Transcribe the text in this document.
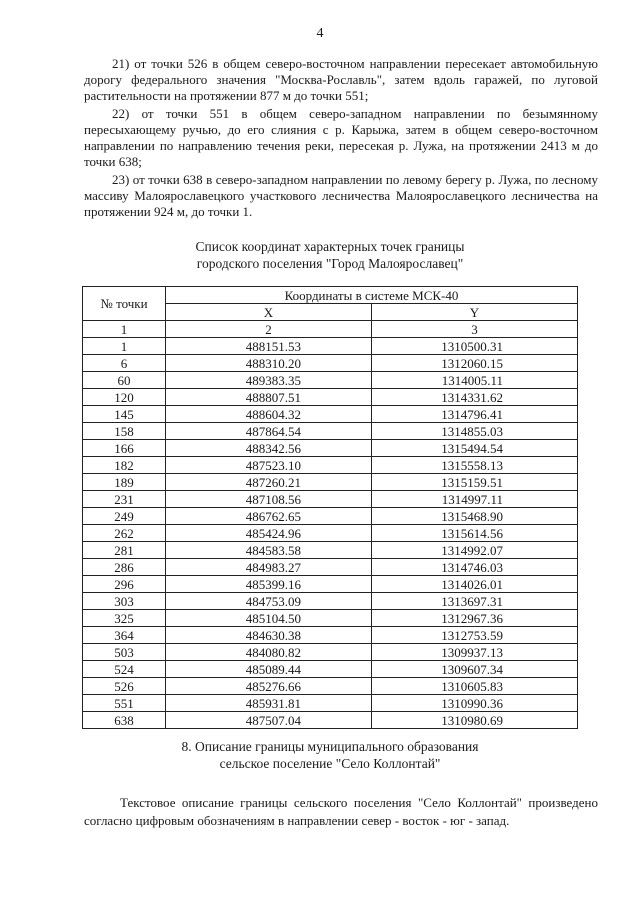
4

21) от точки 526 в общем северо-восточном направлении пересекает автомобильную дорогу федерального значения "Москва-Рославль", затем вдоль гаражей, по луговой растительности на протяжении 877 м до точки 551;

22) от точки 551 в общем северо-западном направлении по безымянному пересыхающему ручью, до его слияния с р. Карыжа, затем в общем северо-восточном направлении по направлению течения реки, пересекая р. Лужа, на протяжении 2413 м до точки 638;

23) от точки 638 в северо-западном направлении по левому берегу р. Лужа, по лесному массиву Малоярославецкого участкового лесничества Малоярославецкого лесничества на протяжении 924 м, до точки 1.

Список координат характерных точек границы
городского поселения "Город Малоярославец"
№ точки	Координаты в системе МСК-40	
	X	Y
1	2	3
1	488151.53	1310500.31
6	488310.20	1312060.15
60	489383.35	1314005.11
120	488807.51	1314331.62
145	488604.32	1314796.41
158	487864.54	1314855.03
166	488342.56	1315494.54
182	487523.10	1315558.13
189	487260.21	1315159.51
231	487108.56	1314997.11
249	486762.65	1315468.90
262	485424.96	1315614.56
281	484583.58	1314992.07
286	484983.27	1314746.03
296	485399.16	1314026.01
303	484753.09	1313697.31
325	485104.50	1312967.36
364	484630.38	1312753.59
503	484080.82	1309937.13
524	485089.44	1309607.34
526	485276.66	1310605.83
551	485931.81	1310990.36
638	487507.04	1310980.69
8. Описание границы муниципального образования
сельское поселение "Село Коллонтай"

Текстовое описание границы сельского поселения "Село Коллонтай" произведено согласно цифровым обозначениям в направлении север - восток - юг - запад.
